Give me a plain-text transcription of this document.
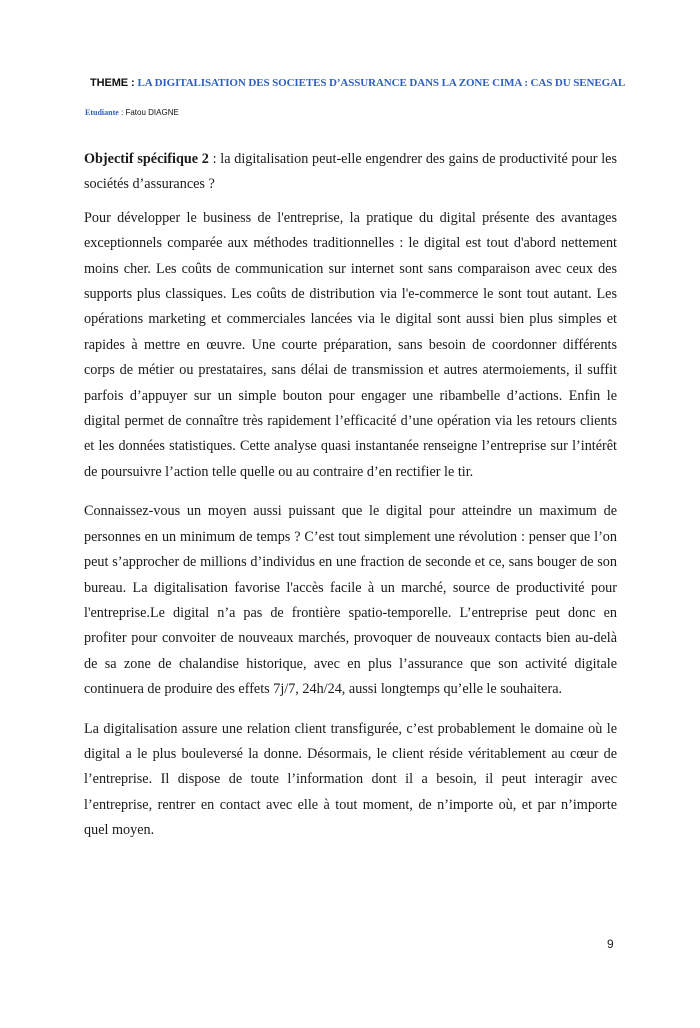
THEME : LA DIGITALISATION DES SOCIETES D’ASSURANCE DANS LA ZONE CIMA : CAS DU SENEGAL
Etudiante : Fatou DIAGNE

Objectif spécifique 2 : la digitalisation peut-elle engendrer des gains de productivité pour les sociétés d’assurances ?

Pour développer le business de l'entreprise, la pratique du digital présente des avantages exceptionnels comparée aux méthodes traditionnelles : le digital est tout d'abord nettement moins cher. Les coûts de communication sur internet sont sans comparaison avec ceux des supports plus classiques. Les coûts de distribution via l'e-commerce le sont tout autant. Les opérations marketing et commerciales lancées via le digital sont aussi bien plus simples et rapides à mettre en œuvre. Une courte préparation, sans besoin de coordonner différents corps de métier ou prestataires, sans délai de transmission et autres atermoiements, il suffit parfois d’appuyer sur un simple bouton pour engager une ribambelle d’actions. Enfin le digital permet de connaître très rapidement l’efficacité d’une opération via les retours clients et les données statistiques. Cette analyse quasi instantanée renseigne l’entreprise sur l’intérêt de poursuivre l’action telle quelle ou au contraire d’en rectifier le tir.

Connaissez-vous un moyen aussi puissant que le digital pour atteindre un maximum de personnes en un minimum de temps ? C’est tout simplement une révolution : penser que l’on peut s’approcher de millions d’individus en une fraction de seconde et ce, sans bouger de son bureau. La digitalisation favorise l'accès facile à un marché, source de productivité pour l'entreprise.Le digital n’a pas de frontière spatio-temporelle. L’entreprise peut donc en profiter pour convoiter de nouveaux marchés, provoquer de nouveaux contacts bien au-delà de sa zone de chalandise historique, avec en plus l’assurance que son activité digitale continuera de produire des effets 7j/7, 24h/24, aussi longtemps qu’elle le souhaitera.

La digitalisation assure une relation client transfigurée, c’est probablement le domaine où le digital a le plus bouleversé la donne. Désormais, le client réside véritablement au cœur de l’entreprise. Il dispose de toute l’information dont il a besoin, il peut interagir avec l’entreprise, rentrer en contact avec elle à tout moment, de n’importe où, et par n’importe quel moyen.

9
